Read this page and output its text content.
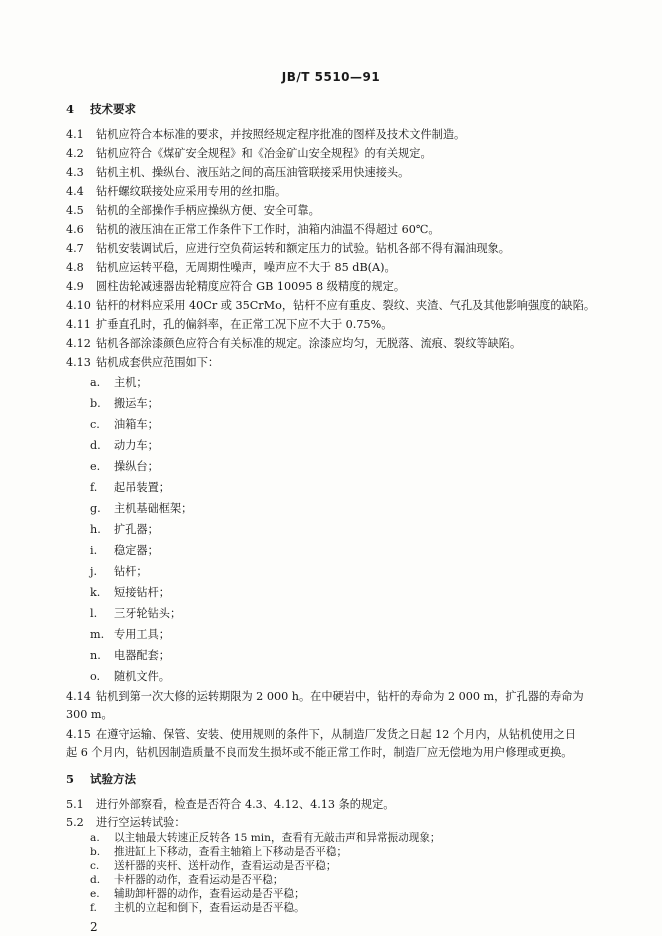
JB/T 5510—91
4 技术要求
4.1 钻机应符合本标准的要求，并按照经规定程序批准的图样及技术文件制造。
4.2 钻机应符合《煤矿安全规程》和《冶金矿山安全规程》的有关规定。
4.3 钻机主机、操纵台、液压站之间的高压油管联接采用快速接头。
4.4 钻杆螺纹联接处应采用专用的丝扣脂。
4.5 钻机的全部操作手柄应操纵方便、安全可靠。
4.6 钻机的液压油在正常工作条件下工作时，油箱内油温不得超过 60℃。
4.7 钻机安装调试后，应进行空负荷运转和额定压力的试验。钻机各部不得有漏油现象。
4.8 钻机应运转平稳，无周期性噪声，噪声应不大于 85 dB(A)。
4.9 圆柱齿轮减速器齿轮精度应符合 GB 10095 8 级精度的规定。
4.10 钻杆的材料应采用 40Cr 或 35CrMo，钻杆不应有重皮、裂纹、夹渣、气孔及其他影响强度的缺陷。
4.11 扩垂直孔时，孔的偏斜率，在正常工况下应不大于 0.75%。
4.12 钻机各部涂漆颜色应符合有关标准的规定。涂漆应均匀，无脱落、流痕、裂纹等缺陷。
4.13 钻机成套供应范围如下：
a. 主机；
b. 搬运车；
c. 油箱车；
d. 动力车；
e. 操纵台；
f. 起吊装置；
g. 主机基础框架；
h. 扩孔器；
i. 稳定器；
j. 钻杆；
k. 短接钻杆；
l. 三牙轮钻头；
m. 专用工具；
n. 电器配套；
o. 随机文件。
4.14 钻机到第一次大修的运转期限为 2 000 h。在中硬岩中，钻杆的寿命为 2 000 m，扩孔器的寿命为
300 m。
4.15 在遵守运输、保管、安装、使用规则的条件下，从制造厂发货之日起 12 个月内，从钻机使用之日
起 6 个月内，钻机因制造质量不良而发生损坏或不能正常工作时，制造厂应无偿地为用户修理或更换。
5 试验方法
5.1 进行外部察看，检查是否符合 4.3、4.12、4.13 条的规定。
5.2 进行空运转试验：
a. 以主轴最大转速正反转各 15 min，查看有无敲击声和异常振动现象；
b. 推进缸上下移动，查看主轴箱上下移动是否平稳；
c. 送杆器的夹杆、送杆动作，查看运动是否平稳；
d. 卡杆器的动作，查看运动是否平稳；
e. 辅助卸杆器的动作，查看运动是否平稳；
f. 主机的立起和倒下，查看运动是否平稳。
2
